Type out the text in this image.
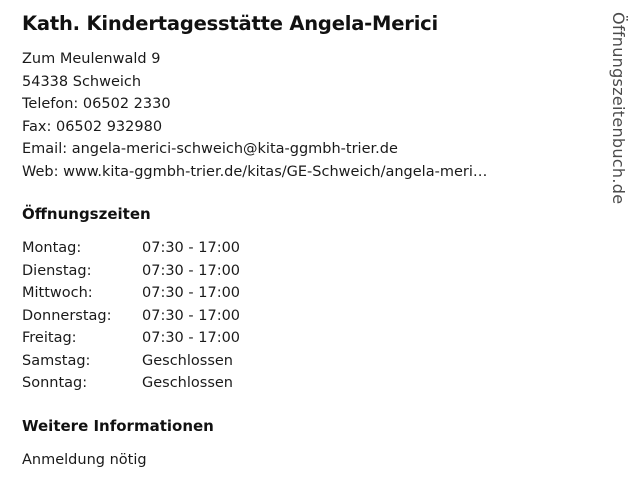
Kath. Kindertagesstätte Angela-Merici
Zum Meulenwald 9
54338 Schweich
Telefon: 06502 2330
Fax: 06502 932980
Email: angela-merici-schweich@kita-ggmbh-trier.de
Web: www.kita-ggmbh-trier.de/kitas/GE-Schweich/angela-meri…
Öffnungszeiten
Montag:	07:30 - 17:00
Dienstag:	07:30 - 17:00
Mittwoch:	07:30 - 17:00
Donnerstag:	07:30 - 17:00
Freitag:	07:30 - 17:00
Samstag:	Geschlossen
Sonntag:	Geschlossen
Weitere Informationen
Anmeldung nötig
Öffnungszeitenbuch.de
